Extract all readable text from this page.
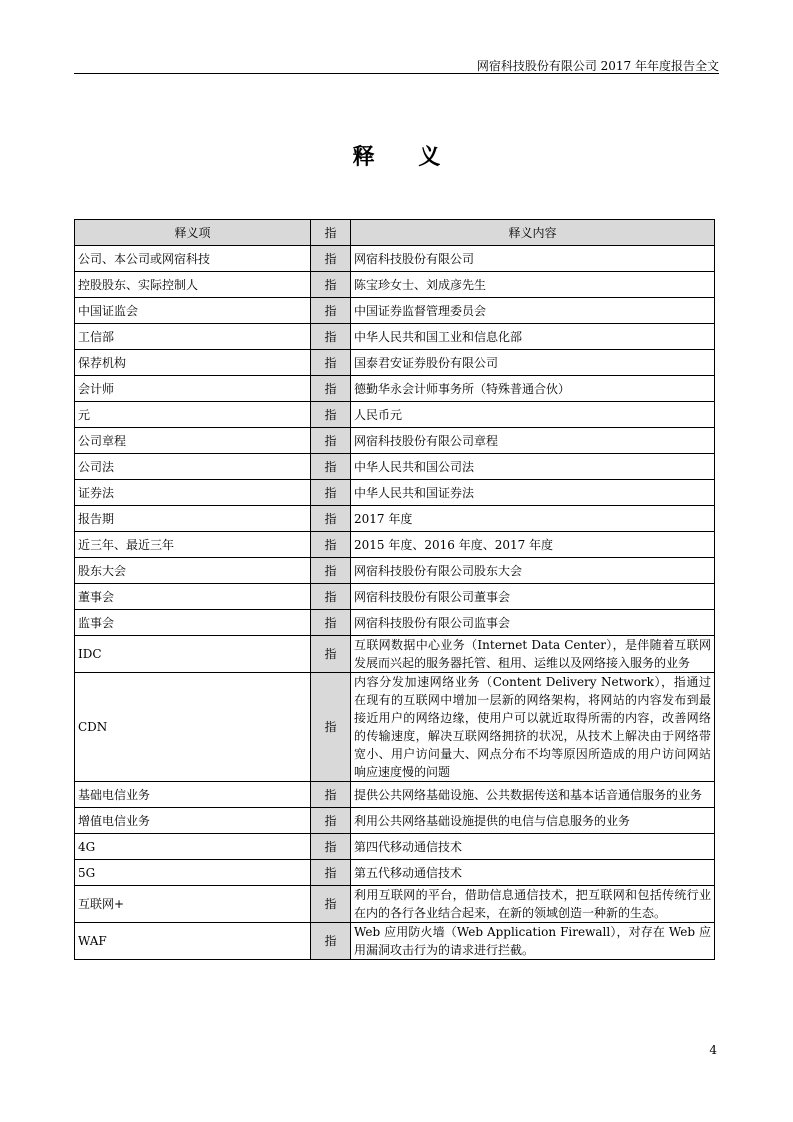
网宿科技股份有限公司 2017 年年度报告全文
释 义
释义项	指	释义内容
公司、本公司或网宿科技	指	网宿科技股份有限公司
控股股东、实际控制人	指	陈宝珍女士、刘成彦先生
中国证监会	指	中国证券监督管理委员会
工信部	指	中华人民共和国工业和信息化部
保荐机构	指	国泰君安证券股份有限公司
会计师	指	德勤华永会计师事务所（特殊普通合伙）
元	指	人民币元
公司章程	指	网宿科技股份有限公司章程
公司法	指	中华人民共和国公司法
证券法	指	中华人民共和国证券法
报告期	指	2017 年度
近三年、最近三年	指	2015 年度、2016 年度、2017 年度
股东大会	指	网宿科技股份有限公司股东大会
董事会	指	网宿科技股份有限公司董事会
监事会	指	网宿科技股份有限公司监事会
IDC	指	互联网数据中心业务（Internet Data Center），是伴随着互联网发展而兴起的服务器托管、租用、运维以及网络接入服务的业务
CDN	指	内容分发加速网络业务（Content Delivery Network），指通过在现有的互联网中增加一层新的网络架构，将网站的内容发布到最接近用户的网络边缘，使用户可以就近取得所需的内容，改善网络的传输速度，解决互联网络拥挤的状况，从技术上解决由于网络带宽小、用户访问量大、网点分布不均等原因所造成的用户访问网站响应速度慢的问题
基础电信业务	指	提供公共网络基础设施、公共数据传送和基本话音通信服务的业务
增值电信业务	指	利用公共网络基础设施提供的电信与信息服务的业务
4G	指	第四代移动通信技术
5G	指	第五代移动通信技术
互联网+	指	利用互联网的平台，借助信息通信技术，把互联网和包括传统行业在内的各行各业结合起来，在新的领域创造一种新的生态。
WAF	指	Web 应用防火墙（Web Application Firewall），对存在 Web 应用漏洞攻击行为的请求进行拦截。
4
